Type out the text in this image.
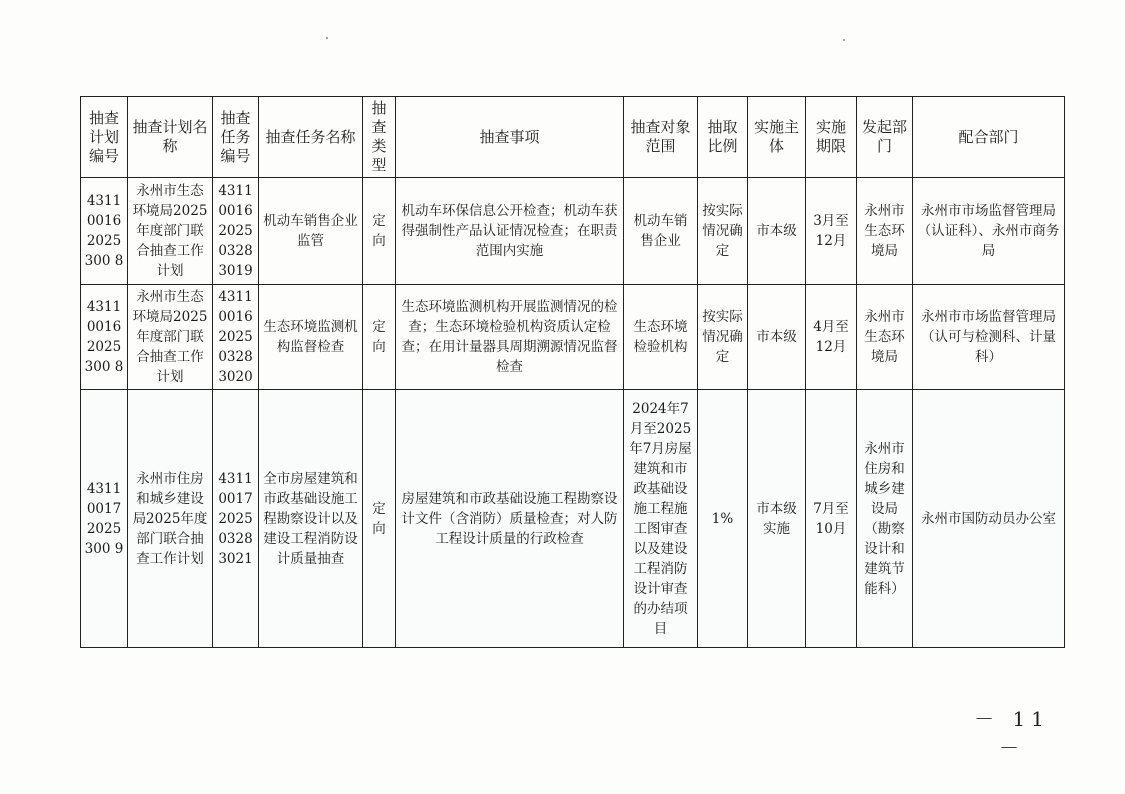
抽查计划编号	抽查计划名称	抽查任务编号	抽查任务名称	抽查类型	抽查事项	抽查对象范围	抽取比例	实施主体	实施期限	发起部门	配合部门
431100162025300 8	永州市生态环境局2025年度部门联合抽查工作计划	43110016202503283019	机动车销售企业监管	定向	机动车环保信息公开检查；机动车获得强制性产品认证情况检查；在职责范围内实施	机动车销售企业	按实际情况确定	市本级	3月至12月	永州市生态环境局	永州市市场监督管理局（认证科）、永州市商务局
431100162025300 8	永州市生态环境局2025年度部门联合抽查工作计划	43110016202503283020	生态环境监测机构监督检查	定向	生态环境监测机构开展监测情况的检查；生态环境检验机构资质认定检查；在用计量器具周期溯源情况监督检查	生态环境检验机构	按实际情况确定	市本级	4月至12月	永州市生态环境局	永州市市场监督管理局（认可与检测科、计量科）
431100172025300 9	永州市住房和城乡建设局2025年度部门联合抽查工作计划	43110017202503283021	全市房屋建筑和市政基础设施工程勘察设计以及建设工程消防设计质量抽查	定向	房屋建筑和市政基础设施工程勘察设计文件（含消防）质量检查；对人防工程设计质量的行政检查	2024年7月至2025年7月房屋建筑和市政基础设施工程施工图审查以及建设工程消防设计审查的办结项目	1%	市本级实施	7月至10月	永州市住房和城乡建设局（勘察设计和建筑节能科）	永州市国防动员办公室
－ 11 －
